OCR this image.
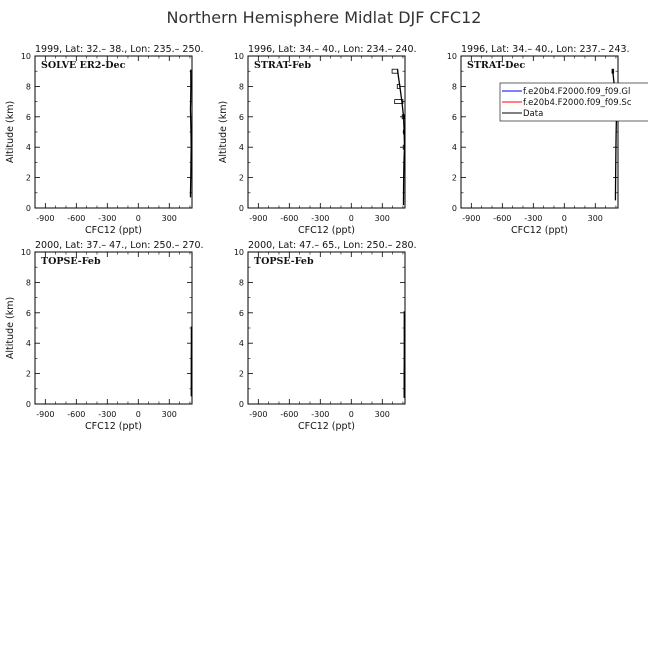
Northern Hemisphere Midlat DJF CFC12
1999, Lat: 32.– 38., Lon: 235.– 250.
SOLVE ER2-Dec
-900 -600 -300 0	300
0
2
4
6
8
10
CFC12 (ppt)
Altitude (km)
1996, Lat: 34.– 40., Lon: 234.– 240.
STRAT-Feb
-900 -600 -300 0	300
0
2
4
6
8
10
CFC12 (ppt)
Altitude (km)
1996, Lat: 34.– 40., Lon: 237.– 243.
STRAT-Dec
-900 -600 -300 0	300
0
2
4
6
8
10
CFC12 (ppt)
2000, Lat: 37.– 47., Lon: 250.– 270.
TOPSE-Feb
-900 -600 -300 0	300
0
2
4
6
8
10
CFC12 (ppt)
Altitude (km)
2000, Lat: 47.– 65., Lon: 250.– 280.
TOPSE-Feb
-900 -600 -300 0	300
0
2
4
6
8
10
CFC12 (ppt)
f.e20b4.F2000.f09_f09.Gl
f.e20b4.F2000.f09_f09.Sc
Data
